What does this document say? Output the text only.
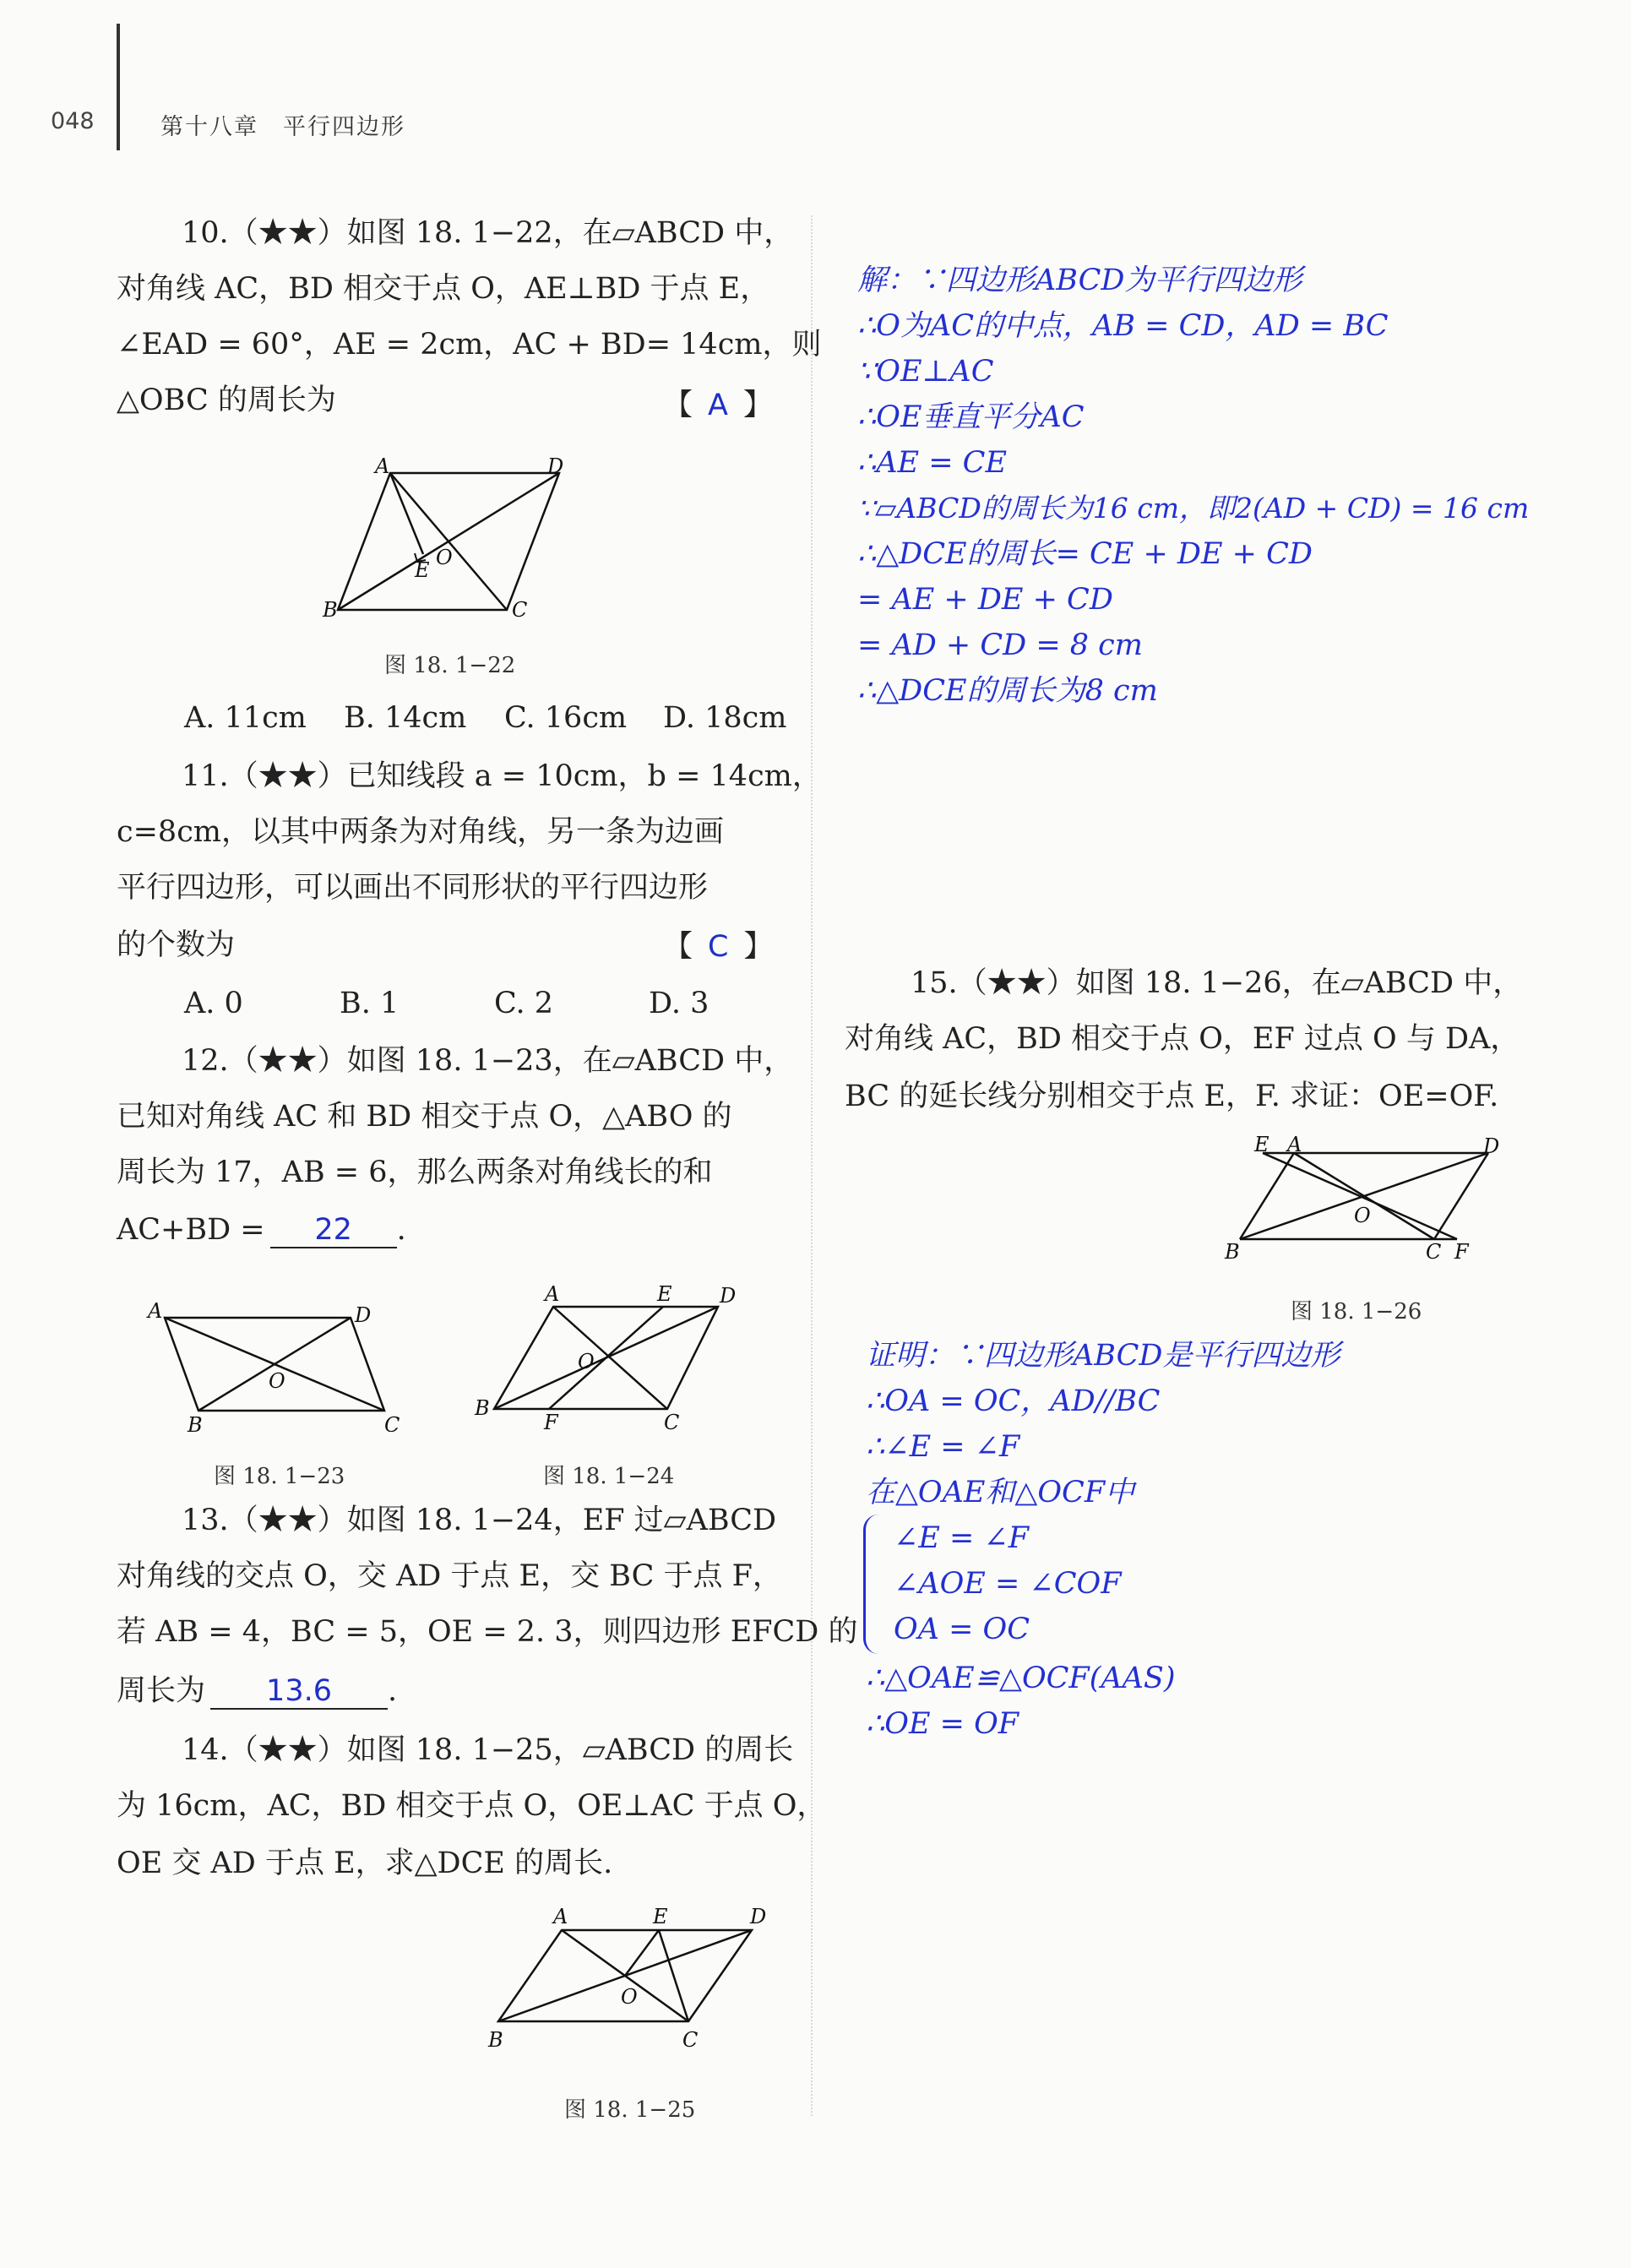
048	第十八章　平行四边形
10.（★★）如图 18. 1−22，在▱ABCD 中，
对角线 AC，BD 相交于点 O，AE⊥BD 于点 E，
∠EAD = 60°，AE = 2cm，AC + BD= 14cm，则
△OBC 的周长为	【 A 】
A	D
B	C
E
O
图 18. 1−22
A. 11cm B. 14cm C. 16cm D. 18cm
11.（★★）已知线段 a = 10cm，b = 14cm，
c=8cm，以其中两条为对角线，另一条为边画
平行四边形，可以画出不同形状的平行四边形
的个数为	【 C 】
A. 0	B. 1	C. 2	D. 3
12.（★★）如图 18. 1−23，在▱ABCD 中，
已知对角线 AC 和 BD 相交于点 O，△ABO 的
周长为 17，AB = 6，那么两条对角线长的和
AC+BD = 22 .
A	D
B	C
O
图 18. 1−23
A	E D
B
F	C
O
图 18. 1−24
13.（★★）如图 18. 1−24，EF 过▱ABCD
对角线的交点 O，交 AD 于点 E，交 BC 于点 F，
若 AB = 4，BC = 5，OE = 2. 3，则四边形 EFCD 的
周长为 13.6 .
14.（★★）如图 18. 1−25，▱ABCD 的周长
为 16cm，AC，BD 相交于点 O，OE⊥AC 于点 O，
OE 交 AD 于点 E，求△DCE 的周长.
A	E	D
B	C
O
图 18. 1−25
解：∵四边形ABCD为平行四边形
∴O为AC的中点，AB = CD，AD = BC
∵OE⊥AC
∴OE垂直平分AC
∴AE = CE
∵▱ABCD的周长为16 cm，即2(AD + CD) = 16 cm
∴△DCE的周长= CE + DE + CD
= AE + DE + CD
= AD + CD = 8 cm
∴△DCE的周长为8 cm
15.（★★）如图 18. 1−26，在▱ABCD 中，
对角线 AC，BD 相交于点 O，EF 过点 O 与 DA，
BC 的延长线分别相交于点 E，F. 求证：OE=OF.
E A	D
B	C F
O
图 18. 1−26
证明：∵四边形ABCD是平行四边形
∴OA = OC，AD//BC
∴∠E = ∠F
在△OAE和△OCF中
∠E = ∠F
∠AOE = ∠COF
OA = OC
∴△OAE≌△OCF(AAS)
∴OE = OF
